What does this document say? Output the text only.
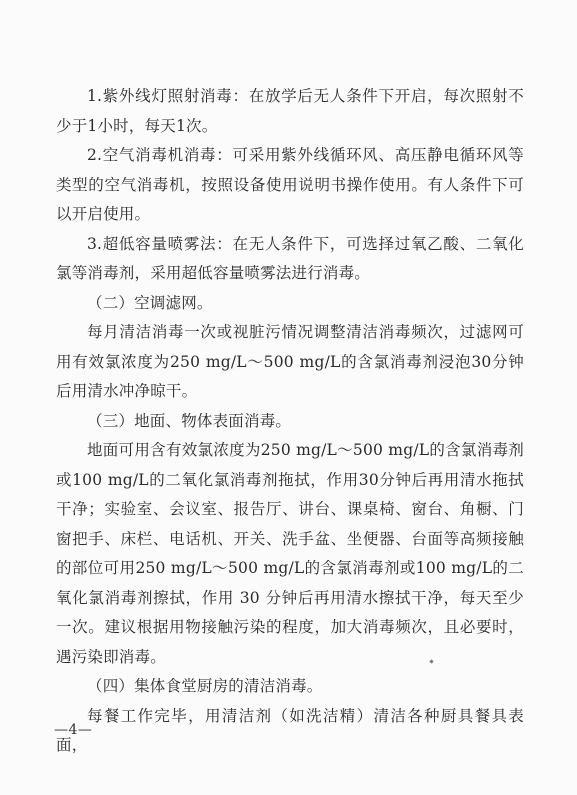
1.紫外线灯照射消毒：在放学后无人条件下开启，每次照射不少于1小时，每天1次。

2.空气消毒机消毒：可采用紫外线循环风、高压静电循环风等类型的空气消毒机，按照设备使用说明书操作使用。有人条件下可以开启使用。

3.超低容量喷雾法：在无人条件下，可选择过氧乙酸、二氧化氯等消毒剂，采用超低容量喷雾法进行消毒。

（二）空调滤网。

每月清洁消毒一次或视脏污情况调整清洁消毒频次，过滤网可用有效氯浓度为250 mg/L～500 mg/L的含氯消毒剂浸泡30分钟后用清水冲净晾干。

（三）地面、物体表面消毒。

地面可用含有效氯浓度为250 mg/L～500 mg/L的含氯消毒剂或100 mg/L的二氧化氯消毒剂拖拭，作用30分钟后再用清水拖拭干净；实验室、会议室、报告厅、讲台、课桌椅、窗台、角橱、门窗把手、床栏、电话机、开关、洗手盆、坐便器、台面等高频接触的部位可用250 mg/L～500 mg/L的含氯消毒剂或100 mg/L的二氧化氯消毒剂擦拭，作用 30 分钟后再用清水擦拭干净，每天至少一次。建议根据用物接触污染的程度，加大消毒频次，且必要时，遇污染即消毒。

（四）集体食堂厨房的清洁消毒。

每餐工作完毕，用清洁剂（如洗洁精）清洁各种厨具餐具表面，

—4—
